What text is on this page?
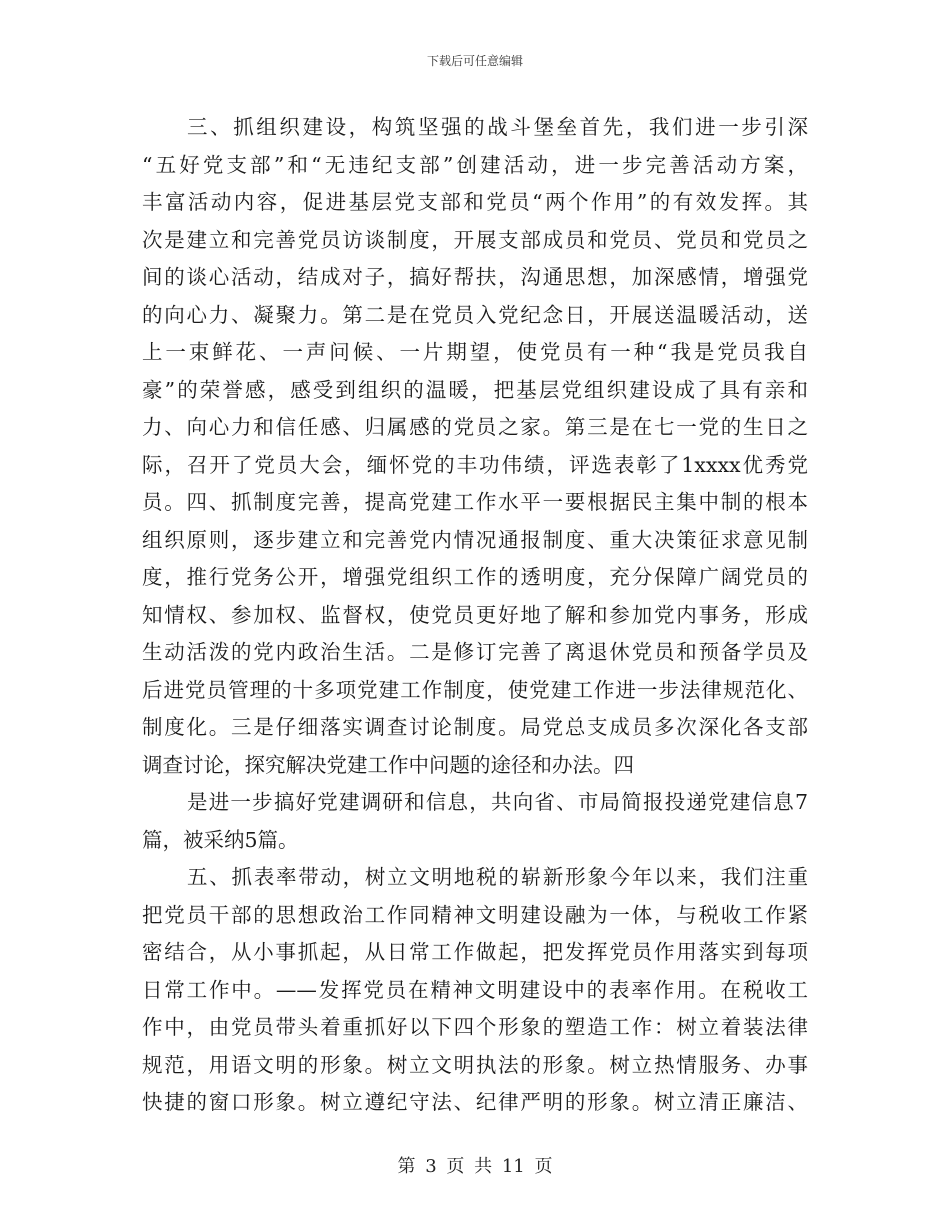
下载后可任意编辑
三、抓组织建设，构筑坚强的战斗堡垒首先，我们进一步引深
“五好党支部”和“无违纪支部”创建活动，进一步完善活动方案，
丰富活动内容，促进基层党支部和党员“两个作用”的有效发挥。其
次是建立和完善党员访谈制度，开展支部成员和党员、党员和党员之
间的谈心活动，结成对子，搞好帮扶，沟通思想，加深感情，增强党
的向心力、凝聚力。第二是在党员入党纪念日，开展送温暖活动，送
上一束鲜花、一声问候、一片期望，使党员有一种“我是党员我自
豪”的荣誉感，感受到组织的温暖，把基层党组织建设成了具有亲和
力、向心力和信任感、归属感的党员之家。第三是在七一党的生日之
际，召开了党员大会，缅怀党的丰功伟绩，评选表彰了1xxxx优秀党
员。四、抓制度完善，提高党建工作水平一要根据民主集中制的根本
组织原则，逐步建立和完善党内情况通报制度、重大决策征求意见制
度，推行党务公开，增强党组织工作的透明度，充分保障广阔党员的
知情权、参加权、监督权，使党员更好地了解和参加党内事务，形成
生动活泼的党内政治生活。二是修订完善了离退休党员和预备学员及
后进党员管理的十多项党建工作制度，使党建工作进一步法律规范化、
制度化。三是仔细落实调查讨论制度。局党总支成员多次深化各支部
调查讨论，探究解决党建工作中问题的途径和办法。四
是进一步搞好党建调研和信息，共向省、市局简报投递党建信息7
篇，被采纳5篇。
五、抓表率带动，树立文明地税的崭新形象今年以来，我们注重
把党员干部的思想政治工作同精神文明建设融为一体，与税收工作紧
密结合，从小事抓起，从日常工作做起，把发挥党员作用落实到每项
日常工作中。——发挥党员在精神文明建设中的表率作用。在税收工
作中，由党员带头着重抓好以下四个形象的塑造工作：树立着装法律
规范，用语文明的形象。树立文明执法的形象。树立热情服务、办事
快捷的窗口形象。树立遵纪守法、纪律严明的形象。树立清正廉洁、
第 3 页 共 11 页
